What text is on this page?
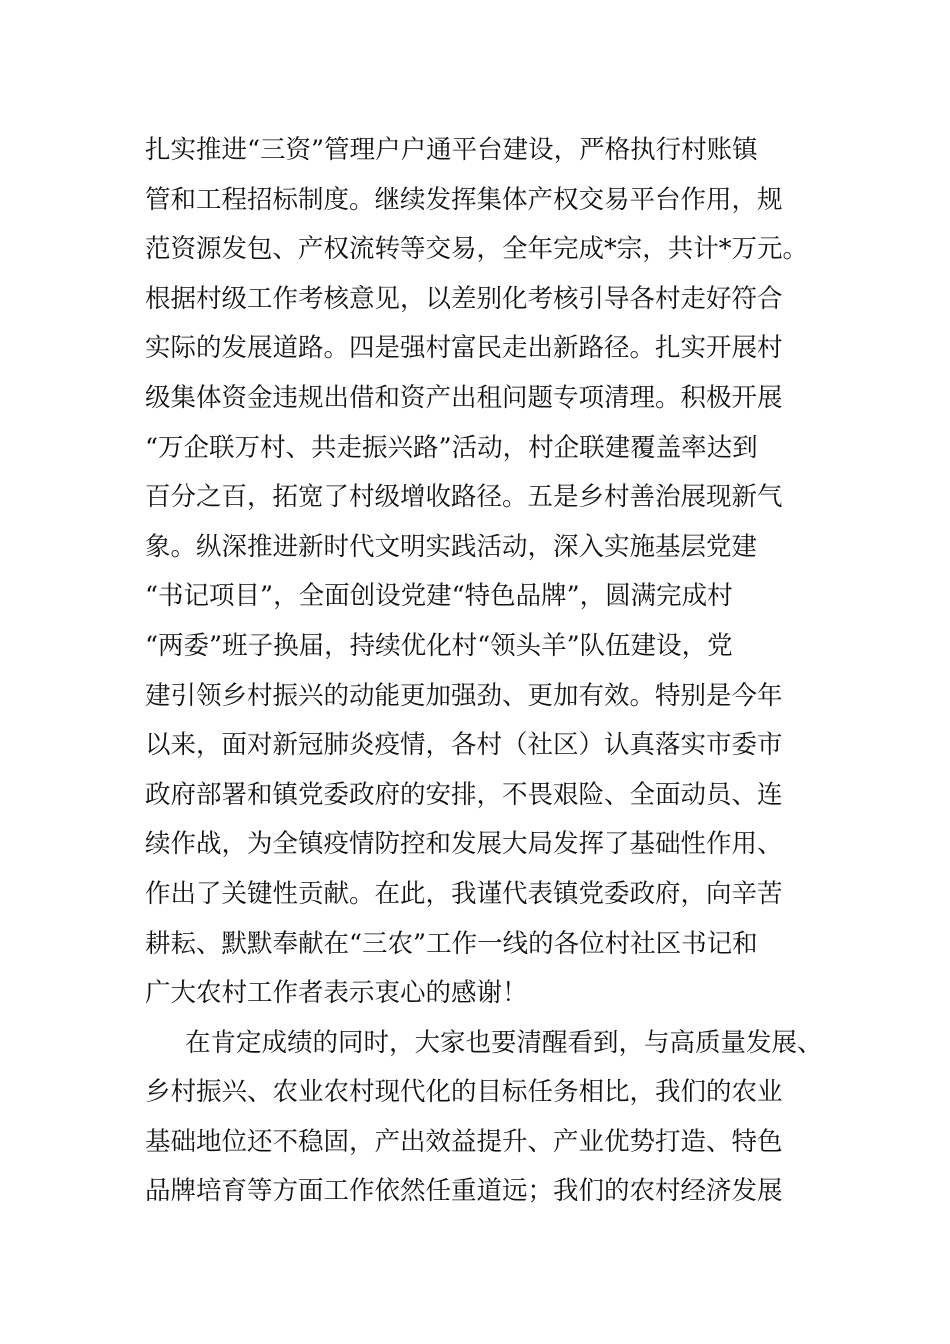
扎实推进“三资”管理户户通平台建设，严格执行村账镇
管和工程招标制度。继续发挥集体产权交易平台作用，规
范资源发包、产权流转等交易，全年完成*宗，共计*万元。
根据村级工作考核意见，以差别化考核引导各村走好符合
实际的发展道路。四是强村富民走出新路径。扎实开展村
级集体资金违规出借和资产出租问题专项清理。积极开展
“万企联万村、共走振兴路”活动，村企联建覆盖率达到
百分之百，拓宽了村级增收路径。五是乡村善治展现新气
象。纵深推进新时代文明实践活动，深入实施基层党建
“书记项目”，全面创设党建“特色品牌”，圆满完成村
“两委”班子换届，持续优化村“领头羊”队伍建设，党
建引领乡村振兴的动能更加强劲、更加有效。特别是今年
以来，面对新冠肺炎疫情，各村（社区）认真落实市委市
政府部署和镇党委政府的安排，不畏艰险、全面动员、连
续作战，为全镇疫情防控和发展大局发挥了基础性作用、
作出了关键性贡献。在此，我谨代表镇党委政府，向辛苦
耕耘、默默奉献在“三农”工作一线的各位村社区书记和
广大农村工作者表示衷心的感谢！
在肯定成绩的同时，大家也要清醒看到，与高质量发展、
乡村振兴、农业农村现代化的目标任务相比，我们的农业
基础地位还不稳固，产出效益提升、产业优势打造、特色
品牌培育等方面工作依然任重道远；我们的农村经济发展
